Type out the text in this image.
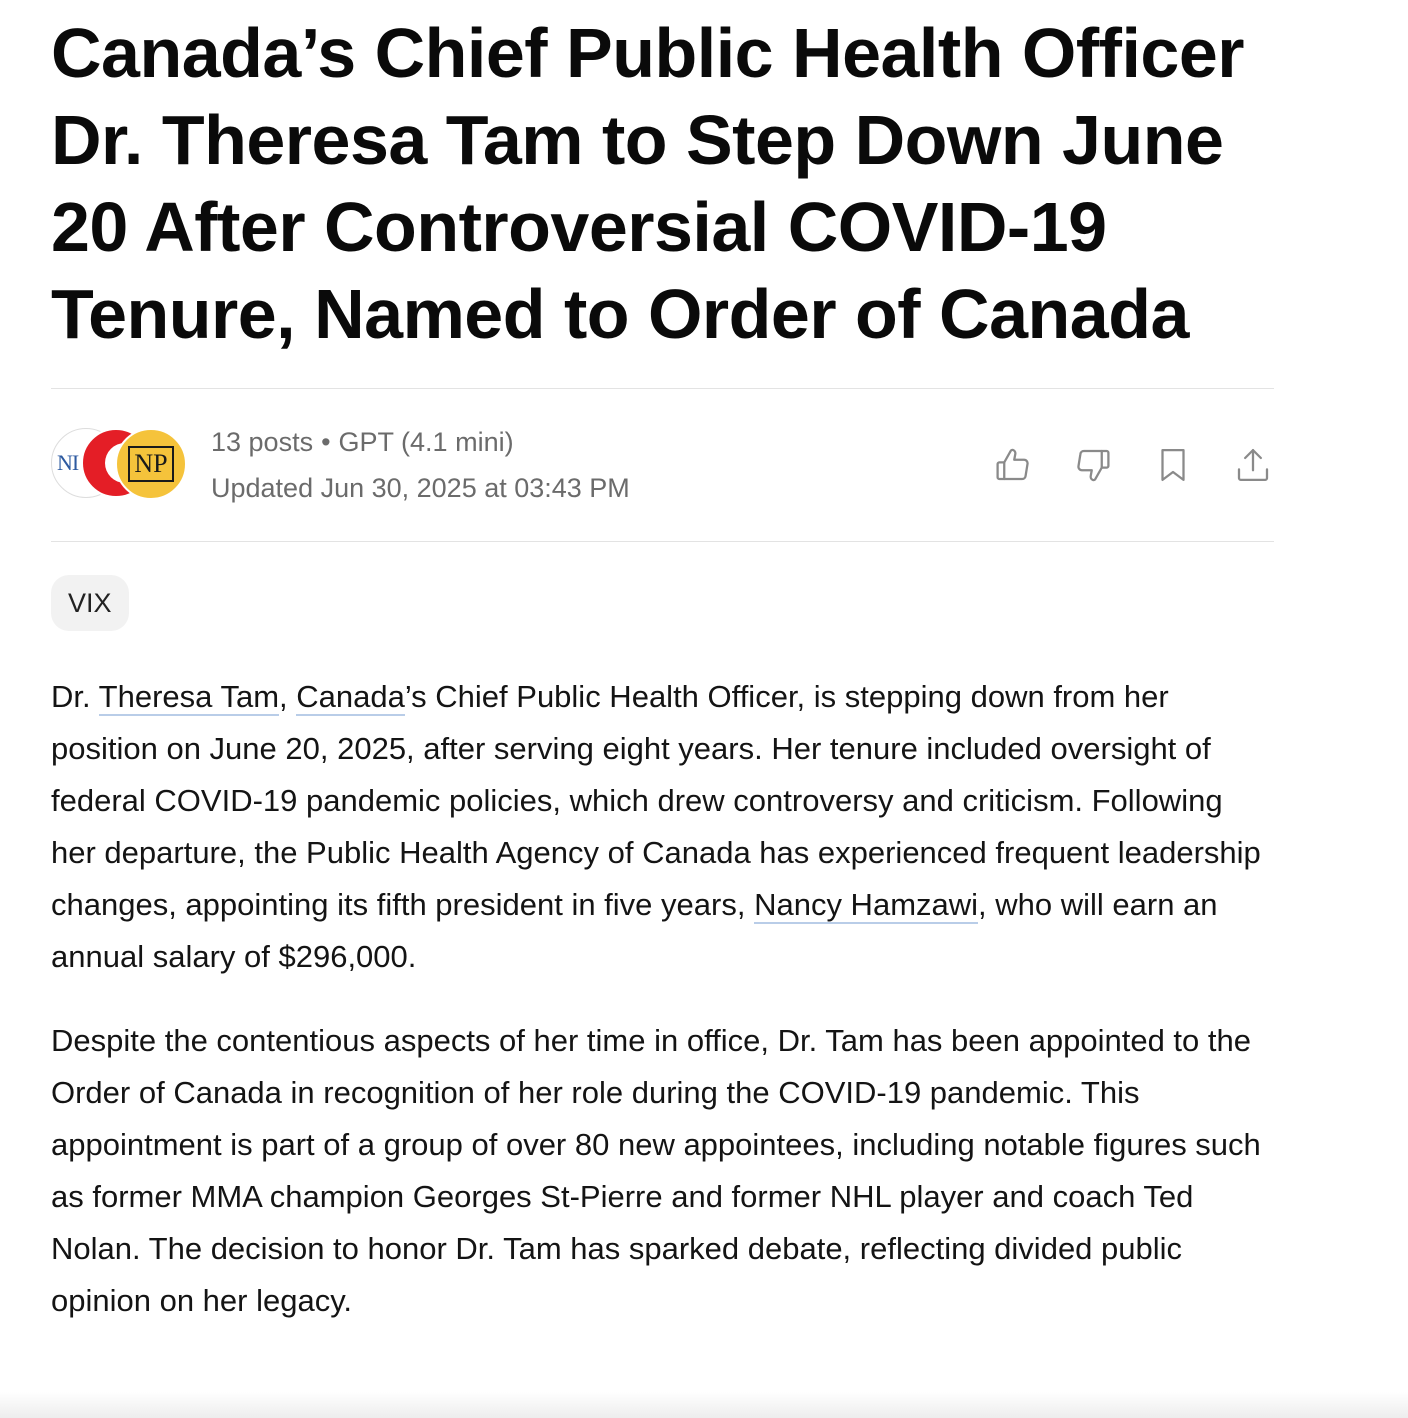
Canada’s Chief Public Health Officer Dr. Theresa Tam to Step Down June 20 After Controversial COVID-19 Tenure, Named to Order of Canada
NI NP
13 posts • GPT (4.1 mini)
Updated Jun 30, 2025 at 03:43 PM
VIX

Dr. Theresa Tam, Canada’s Chief Public Health Officer, is stepping down from her position on June 20, 2025, after serving eight years. Her tenure included oversight of federal COVID-19 pandemic policies, which drew controversy and criticism. Following her departure, the Public Health Agency of Canada has experienced frequent leadership changes, appointing its fifth president in five years, Nancy Hamzawi, who will earn an annual salary of $296,000.

Despite the contentious aspects of her time in office, Dr. Tam has been appointed to the Order of Canada in recognition of her role during the COVID-19 pandemic. This appointment is part of a group of over 80 new appointees, including notable figures such as former MMA champion Georges St-Pierre and former NHL player and coach Ted Nolan. The decision to honor Dr. Tam has sparked debate, reflecting divided public opinion on her legacy.
